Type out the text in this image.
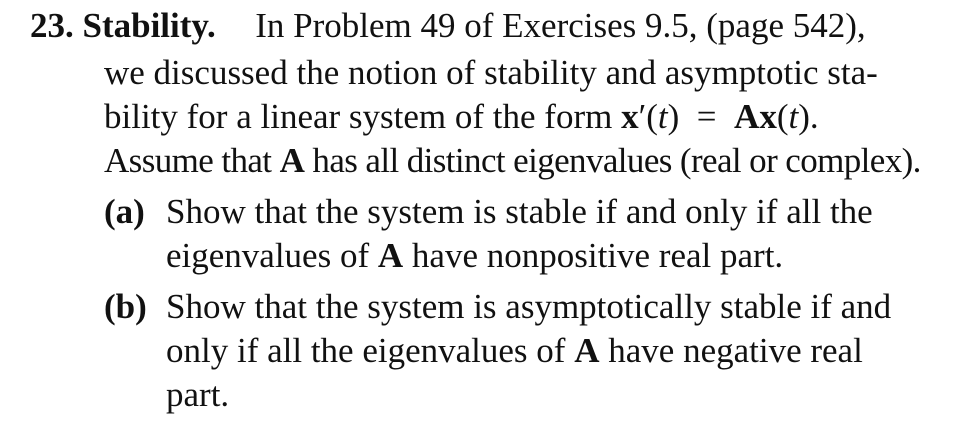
23. Stability. In Problem 49 of Exercises 9.5, (page 542),
we discussed the notion of stability and asymptotic sta-
bility for a linear system of the form x′(t) = Ax(t).
Assume that A has all distinct eigenvalues (real or complex).
(a) Show that the system is stable if and only if all the
eigenvalues of A have nonpositive real part.
(b) Show that the system is asymptotically stable if and
only if all the eigenvalues of A have negative real
part.
